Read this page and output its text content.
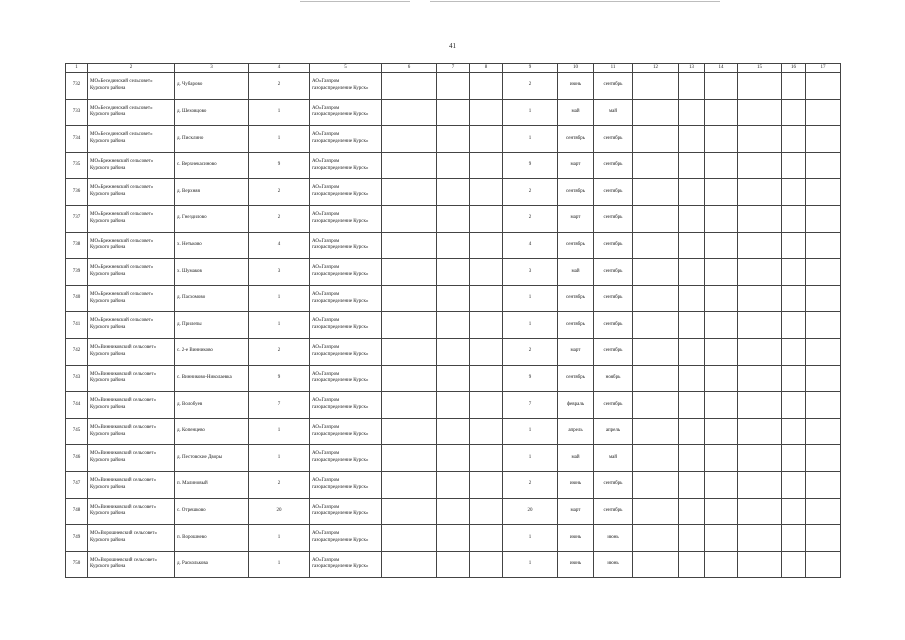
41
1	2	3	4	5	6	7	8	9	10	11	12	13	14	15	16	17

732	МО«Бесединский сельсовет» Курского района	д. Чубарово	2	АО«Газпром газораспределение Курск»				2	июнь	сентябрь						

733	МО«Бесединский сельсовет» Курского района	д. Шеховцово	1	АО«Газпром газораспределение Курск»				1	май	май						

734	МО«Бесединский сельсовет» Курского района	д. Писклино	1	АО«Газпром газораспределение Курск»				1	сентябрь	сентябрь						

735	МО«Брежневский сельсовет» Курского района	с. Верхнекасиново	9	АО«Газпром газораспределение Курск»				9	март	сентябрь						

736	МО«Брежневский сельсовет» Курского района	д. Верхняя	2	АО«Газпром газораспределение Курск»				2	сентябрь	сентябрь						

737	МО«Брежневский сельсовет» Курского района	д. Гнездилово	2	АО«Газпром газораспределение Курск»				2	март	сентябрь						

738	МО«Брежневский сельсовет» Курского района	х. Нетьково	4	АО«Газпром газораспределение Курск»				4	сентябрь	сентябрь						

739	МО«Брежневский сельсовет» Курского района	х. Шумаков	3	АО«Газпром газораспределение Курск»				3	май	сентябрь						

740	МО«Брежневский сельсовет» Курского района	д. Пасхомово	1	АО«Газпром газораспределение Курск»				1	сентябрь	сентябрь						

741	МО«Брежневский сельсовет» Курского района	д. Прилепы	1	АО«Газпром газораспределение Курск»				1	сентябрь	сентябрь						

742	МО«Винниковский сельсовет» Курского района	с. 2-е Винниково	2	АО«Газпром газораспределение Курск»				2	март	сентябрь						

743	МО«Винниковский сельсовет» Курского района	с. Винниково-Николаевка	9	АО«Газпром газораспределение Курск»				9	сентябрь	ноябрь						

744	МО«Винниковский сельсовет» Курского района	д. Волобуев	7	АО«Газпром газораспределение Курск»				7	февраль	сентябрь						

745	МО«Винниковский сельсовет» Курского района	д. Копенцево	1	АО«Газпром газораспределение Курск»				1	апрель	апрель						

746	МО«Винниковский сельсовет» Курского района	д. Пестовские Дворы	1	АО«Газпром газораспределение Курск»				1	май	май						

747	МО«Винниковский сельсовет» Курского района	п. Малиновый	2	АО«Газпром газораспределение Курск»				2	июнь	сентябрь						

748	МО«Винниковский сельсовет» Курского района	с. Отрешково	20	АО«Газпром газораспределение Курск»				20	март	сентябрь						

749	МО«Ворошневский сельсовет» Курского района	п. Ворошнево	1	АО«Газпром газораспределение Курск»				1	июнь	июнь						

750	МО«Ворошневский сельсовет» Курского района	д. Расколькова	1	АО«Газпром газораспределение Курск»				1	июнь	июнь						
